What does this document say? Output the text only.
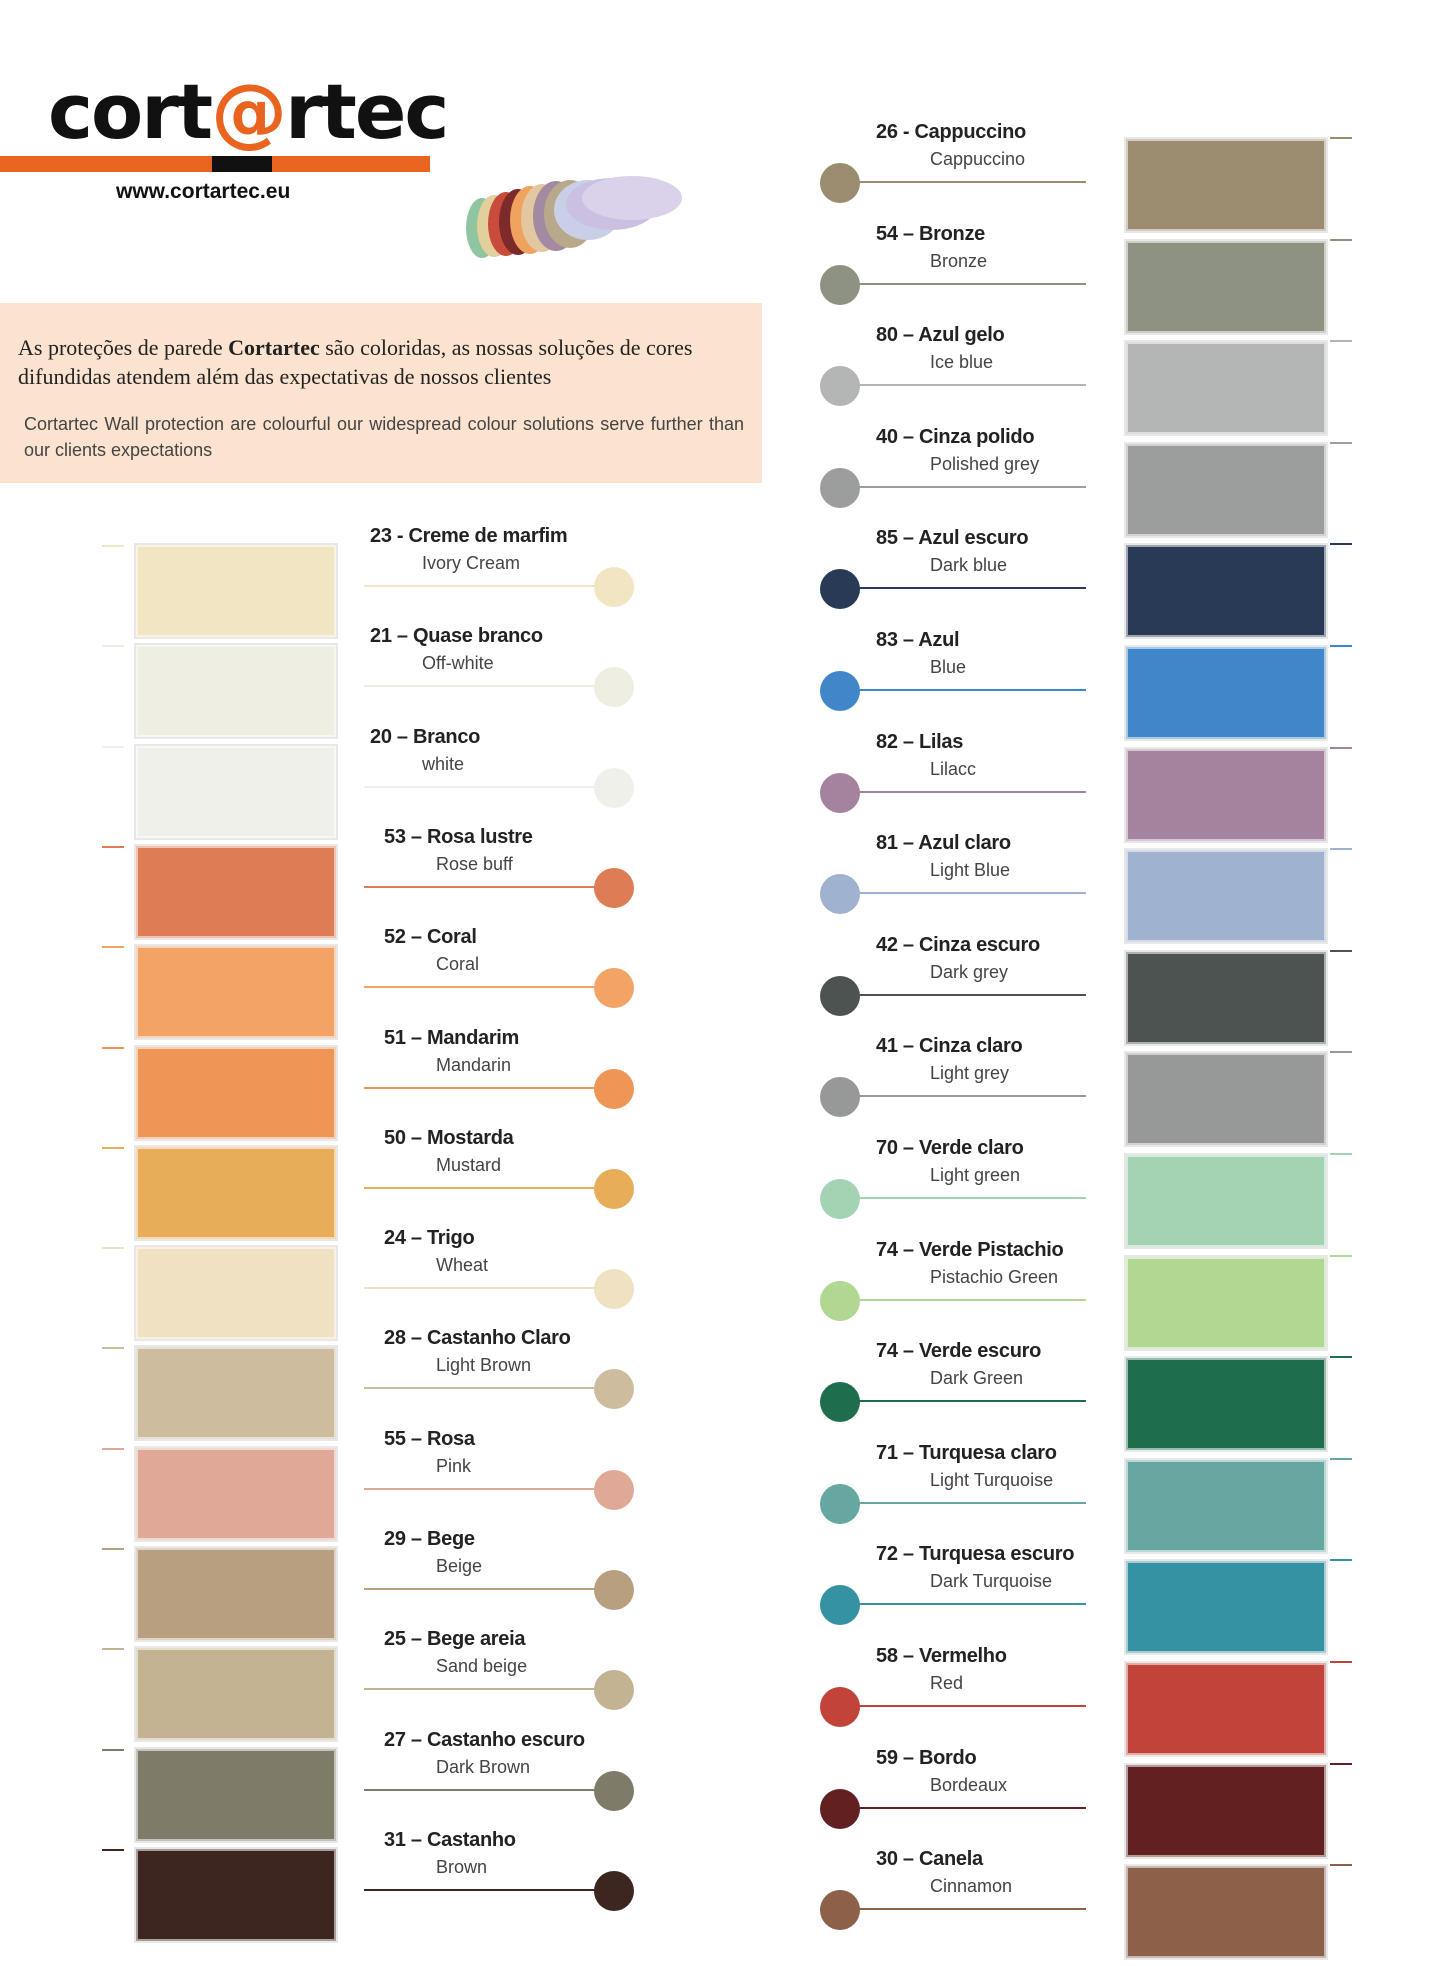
cort@rtec
www.cortartec.eu
As proteções de parede Cortartec são coloridas, as nossas soluções de cores difundidas atendem além das expectativas de nossos clientes
Cortartec Wall protection are colourful our widespread colour solutions serve further than our clients expectations
23 - Creme de marfim
Ivory Cream
21 – Quase branco
Off-white
20 – Branco
white
53 – Rosa lustre
Rose buff
52 – Coral
Coral
51 – Mandarim
Mandarin
50 – Mostarda
Mustard
24 – Trigo
Wheat
28 – Castanho Claro
Light Brown
55 – Rosa
Pink
29 – Bege
Beige
25 – Bege areia
Sand beige
27 – Castanho escuro
Dark Brown
31 – Castanho
Brown
26 - Cappuccino
Cappuccino
54 – Bronze
Bronze
80 – Azul gelo
Ice blue
40 – Cinza polido
Polished grey
85 – Azul escuro
Dark blue
83 – Azul
Blue
82 – Lilas
Lilacc
81 – Azul claro
Light Blue
42 – Cinza escuro
Dark grey
41 – Cinza claro
Light grey
70 – Verde claro
Light green
74 – Verde Pistachio
Pistachio Green
74 – Verde escuro
Dark Green
71 – Turquesa claro
Light Turquoise
72 – Turquesa escuro
Dark Turquoise
58 – Vermelho
Red
59 – Bordo
Bordeaux
30 – Canela
Cinnamon
